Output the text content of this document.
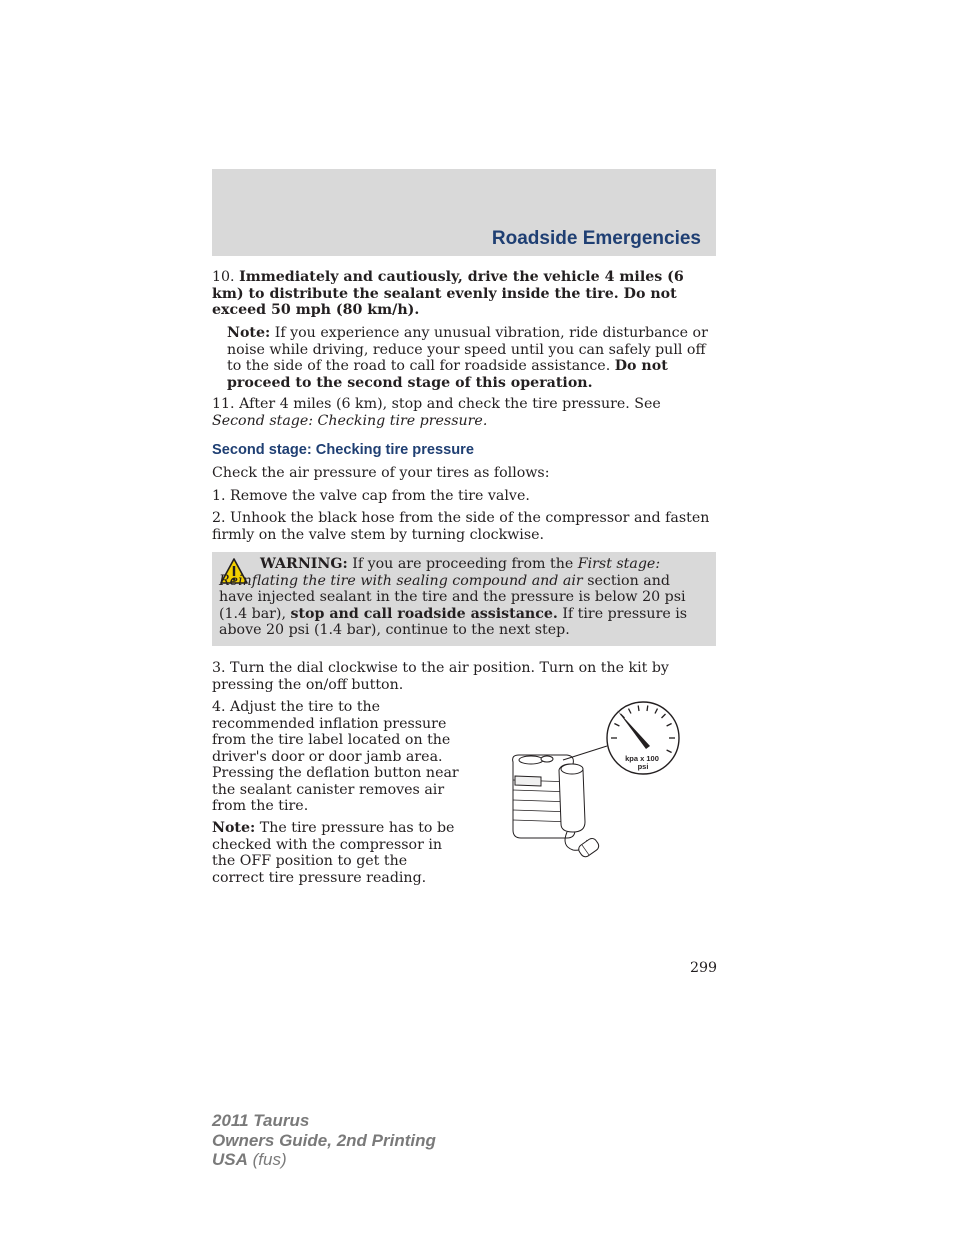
Roadside Emergencies
10. Immediately and cautiously, drive the vehicle 4 miles (6 km) to distribute the sealant evenly inside the tire. Do not exceed 50 mph (80 km/h).
Note: If you experience any unusual vibration, ride disturbance or noise while driving, reduce your speed until you can safely pull off to the side of the road to call for roadside assistance. Do not proceed to the second stage of this operation.
11. After 4 miles (6 km), stop and check the tire pressure. See Second stage: Checking tire pressure.
Second stage: Checking tire pressure
Check the air pressure of your tires as follows:
1. Remove the valve cap from the tire valve.
2. Unhook the black hose from the side of the compressor and fasten firmly on the valve stem by turning clockwise.
WARNING: If you are proceeding from the First stage: Reinflating the tire with sealing compound and air section and have injected sealant in the tire and the pressure is below 20 psi (1.4 bar), stop and call roadside assistance. If tire pressure is above 20 psi (1.4 bar), continue to the next step.
3. Turn the dial clockwise to the air position. Turn on the kit by pressing the on/off button.
4. Adjust the tire to the recommended inflation pressure from the tire label located on the driver's door or door jamb area. Pressing the deflation button near the sealant canister removes air from the tire.
Note: The tire pressure has to be checked with the compressor in the OFF position to get the correct tire pressure reading.
kpa x 100
psi
299
2011 Taurus
Owners Guide, 2nd Printing
USA (fus)
